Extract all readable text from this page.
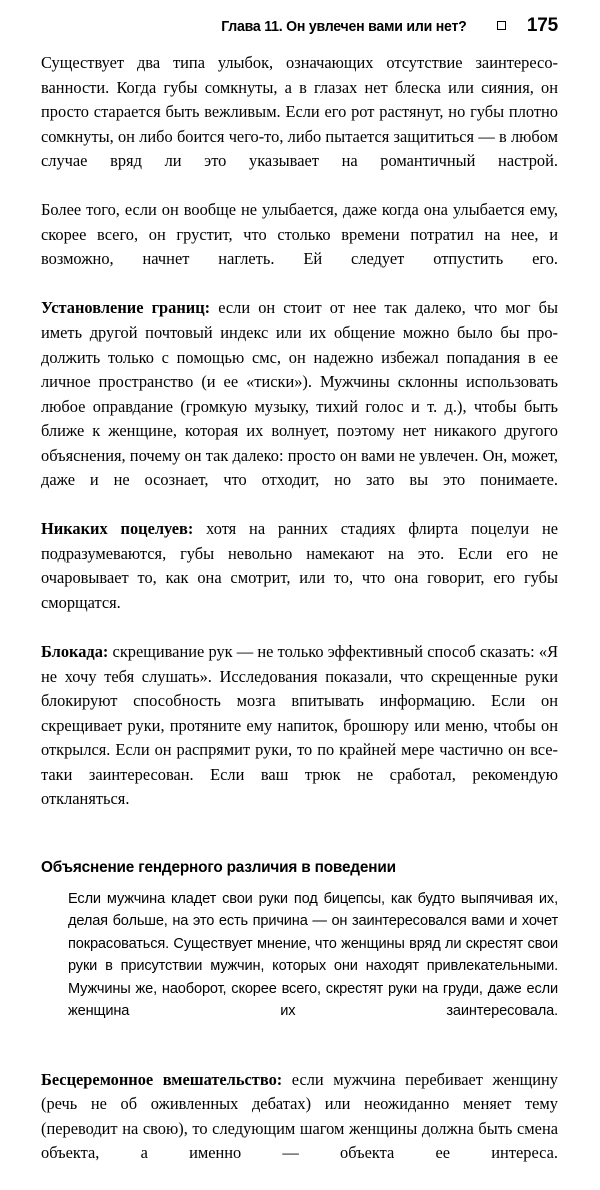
Глава 11. Он увлечен вами или нет?	175

Существует два типа улыбок, означающих отсутствие заинтересованности. Когда губы сомкнуты, а в глазах нет блеска или сияния, он просто старается быть вежливым. Если его рот растянут, но губы плотно сомкнуты, он либо боится чего-то, либо пытается защититься — в любом случае вряд ли это указывает на романтичный настрой.

Более того, если он вообще не улыбается, даже когда она улыбается ему, скорее всего, он грустит, что столько времени потратил на нее, и возможно, начнет наглеть. Ей следует отпустить его.

Установление границ: если он стоит от нее так далеко, что мог бы иметь другой почтовый индекс или их общение можно было бы продолжить только с помощью смс, он надежно избежал попадания в ее личное пространство (и ее «тиски»). Мужчины склонны использовать любое оправдание (громкую музыку, тихий голос и т. д.), чтобы быть ближе к женщине, которая их волнует, поэтому нет никакого другого объяснения, почему он так далеко: просто он вами не увлечен. Он, может, даже и не осознает, что отходит, но зато вы это понимаете.

Никаких поцелуев: хотя на ранних стадиях флирта поцелуи не подразумеваются, губы невольно намекают на это. Если его не очаровывает то, как она смотрит, или то, что она говорит, его губы сморщатся.

Блокада: скрещивание рук — не только эффективный способ сказать: «Я не хочу тебя слушать». Исследования показали, что скрещенные руки блокируют способность мозга впитывать информацию. Если он скрещивает руки, протяните ему напиток, брошюру или меню, чтобы он открылся. Если он распрямит руки, то по крайней мере частично он все-таки заинтересован. Если ваш трюк не сработал, рекомендую откланяться.

Объяснение гендерного различия в поведении

Если мужчина кладет свои руки под бицепсы, как будто выпячивая их, делая больше, на это есть причина — он заинтересовался вами и хочет покрасоваться. Существует мнение, что женщины вряд ли скрестят свои руки в присутствии мужчин, которых они находят привлекательными. Мужчины же, наоборот, скорее всего, скрестят руки на груди, даже если женщина их заинтересовала.

Бесцеремонное вмешательство: если мужчина перебивает женщину (речь не об оживленных дебатах) или неожиданно меняет тему (переводит на свою), то следующим шагом женщины должна быть смена объекта, а именно — объекта ее интереса.
